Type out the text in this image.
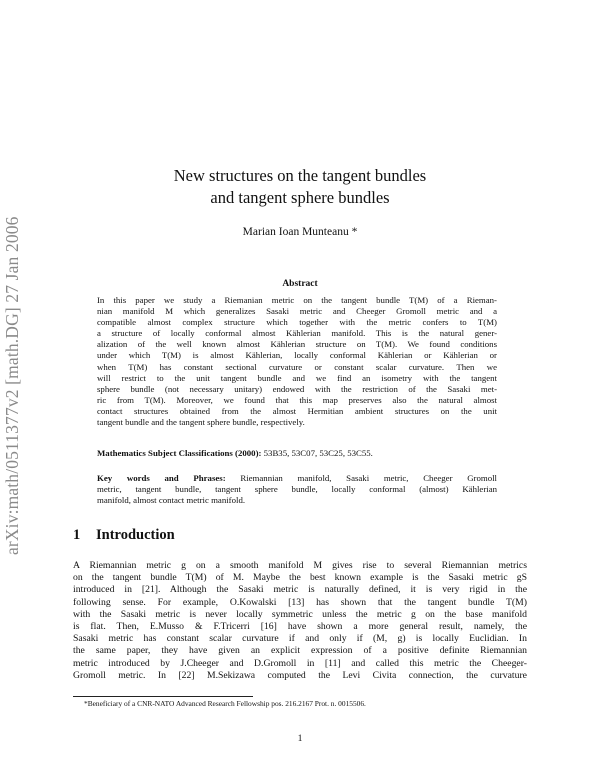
arXiv:math/0511377v2 [math.DG] 27 Jan 2006
New structures on the tangent bundles
and tangent sphere bundles
Marian Ioan Munteanu *
Abstract
In this paper we study a Riemanian metric on the tangent bundle T(M) of a Rieman-
nian manifold M which generalizes Sasaki metric and Cheeger Gromoll metric and a
compatible almost complex structure which together with the metric confers to T(M)
a structure of locally conformal almost Kählerian manifold. This is the natural gener-
alization of the well known almost Kählerian structure on T(M). We found conditions
under which T(M) is almost Kählerian, locally conformal Kählerian or Kählerian or
when T(M) has constant sectional curvature or constant scalar curvature. Then we
will restrict to the unit tangent bundle and we find an isometry with the tangent
sphere bundle (not necessary unitary) endowed with the restriction of the Sasaki met-
ric from T(M). Moreover, we found that this map preserves also the natural almost
contact structures obtained from the almost Hermitian ambient structures on the unit
tangent bundle and the tangent sphere bundle, respectively.
Mathematics Subject Classifications (2000): 53B35, 53C07, 53C25, 53C55.
Key words and Phrases: Riemannian manifold, Sasaki metric, Cheeger Gromoll
metric, tangent bundle, tangent sphere bundle, locally conformal (almost) Kählerian
manifold, almost contact metric manifold.
1 Introduction
A Riemannian metric g on a smooth manifold M gives rise to several Riemannian metrics
on the tangent bundle T(M) of M. Maybe the best known example is the Sasaki metric gS
introduced in [21]. Although the Sasaki metric is naturally defined, it is very rigid in the
following sense. For example, O.Kowalski [13] has shown that the tangent bundle T(M)
with the Sasaki metric is never locally symmetric unless the metric g on the base manifold
is flat. Then, E.Musso & F.Tricerri [16] have shown a more general result, namely, the
Sasaki metric has constant scalar curvature if and only if (M, g) is locally Euclidian. In
the same paper, they have given an explicit expression of a positive definite Riemannian
metric introduced by J.Cheeger and D.Gromoll in [11] and called this metric the Cheeger-
Gromoll metric. In [22] M.Sekizawa computed the Levi Civita connection, the curvature
*Beneficiary of a CNR-NATO Advanced Research Fellowship pos. 216.2167 Prot. n. 0015506.
1
